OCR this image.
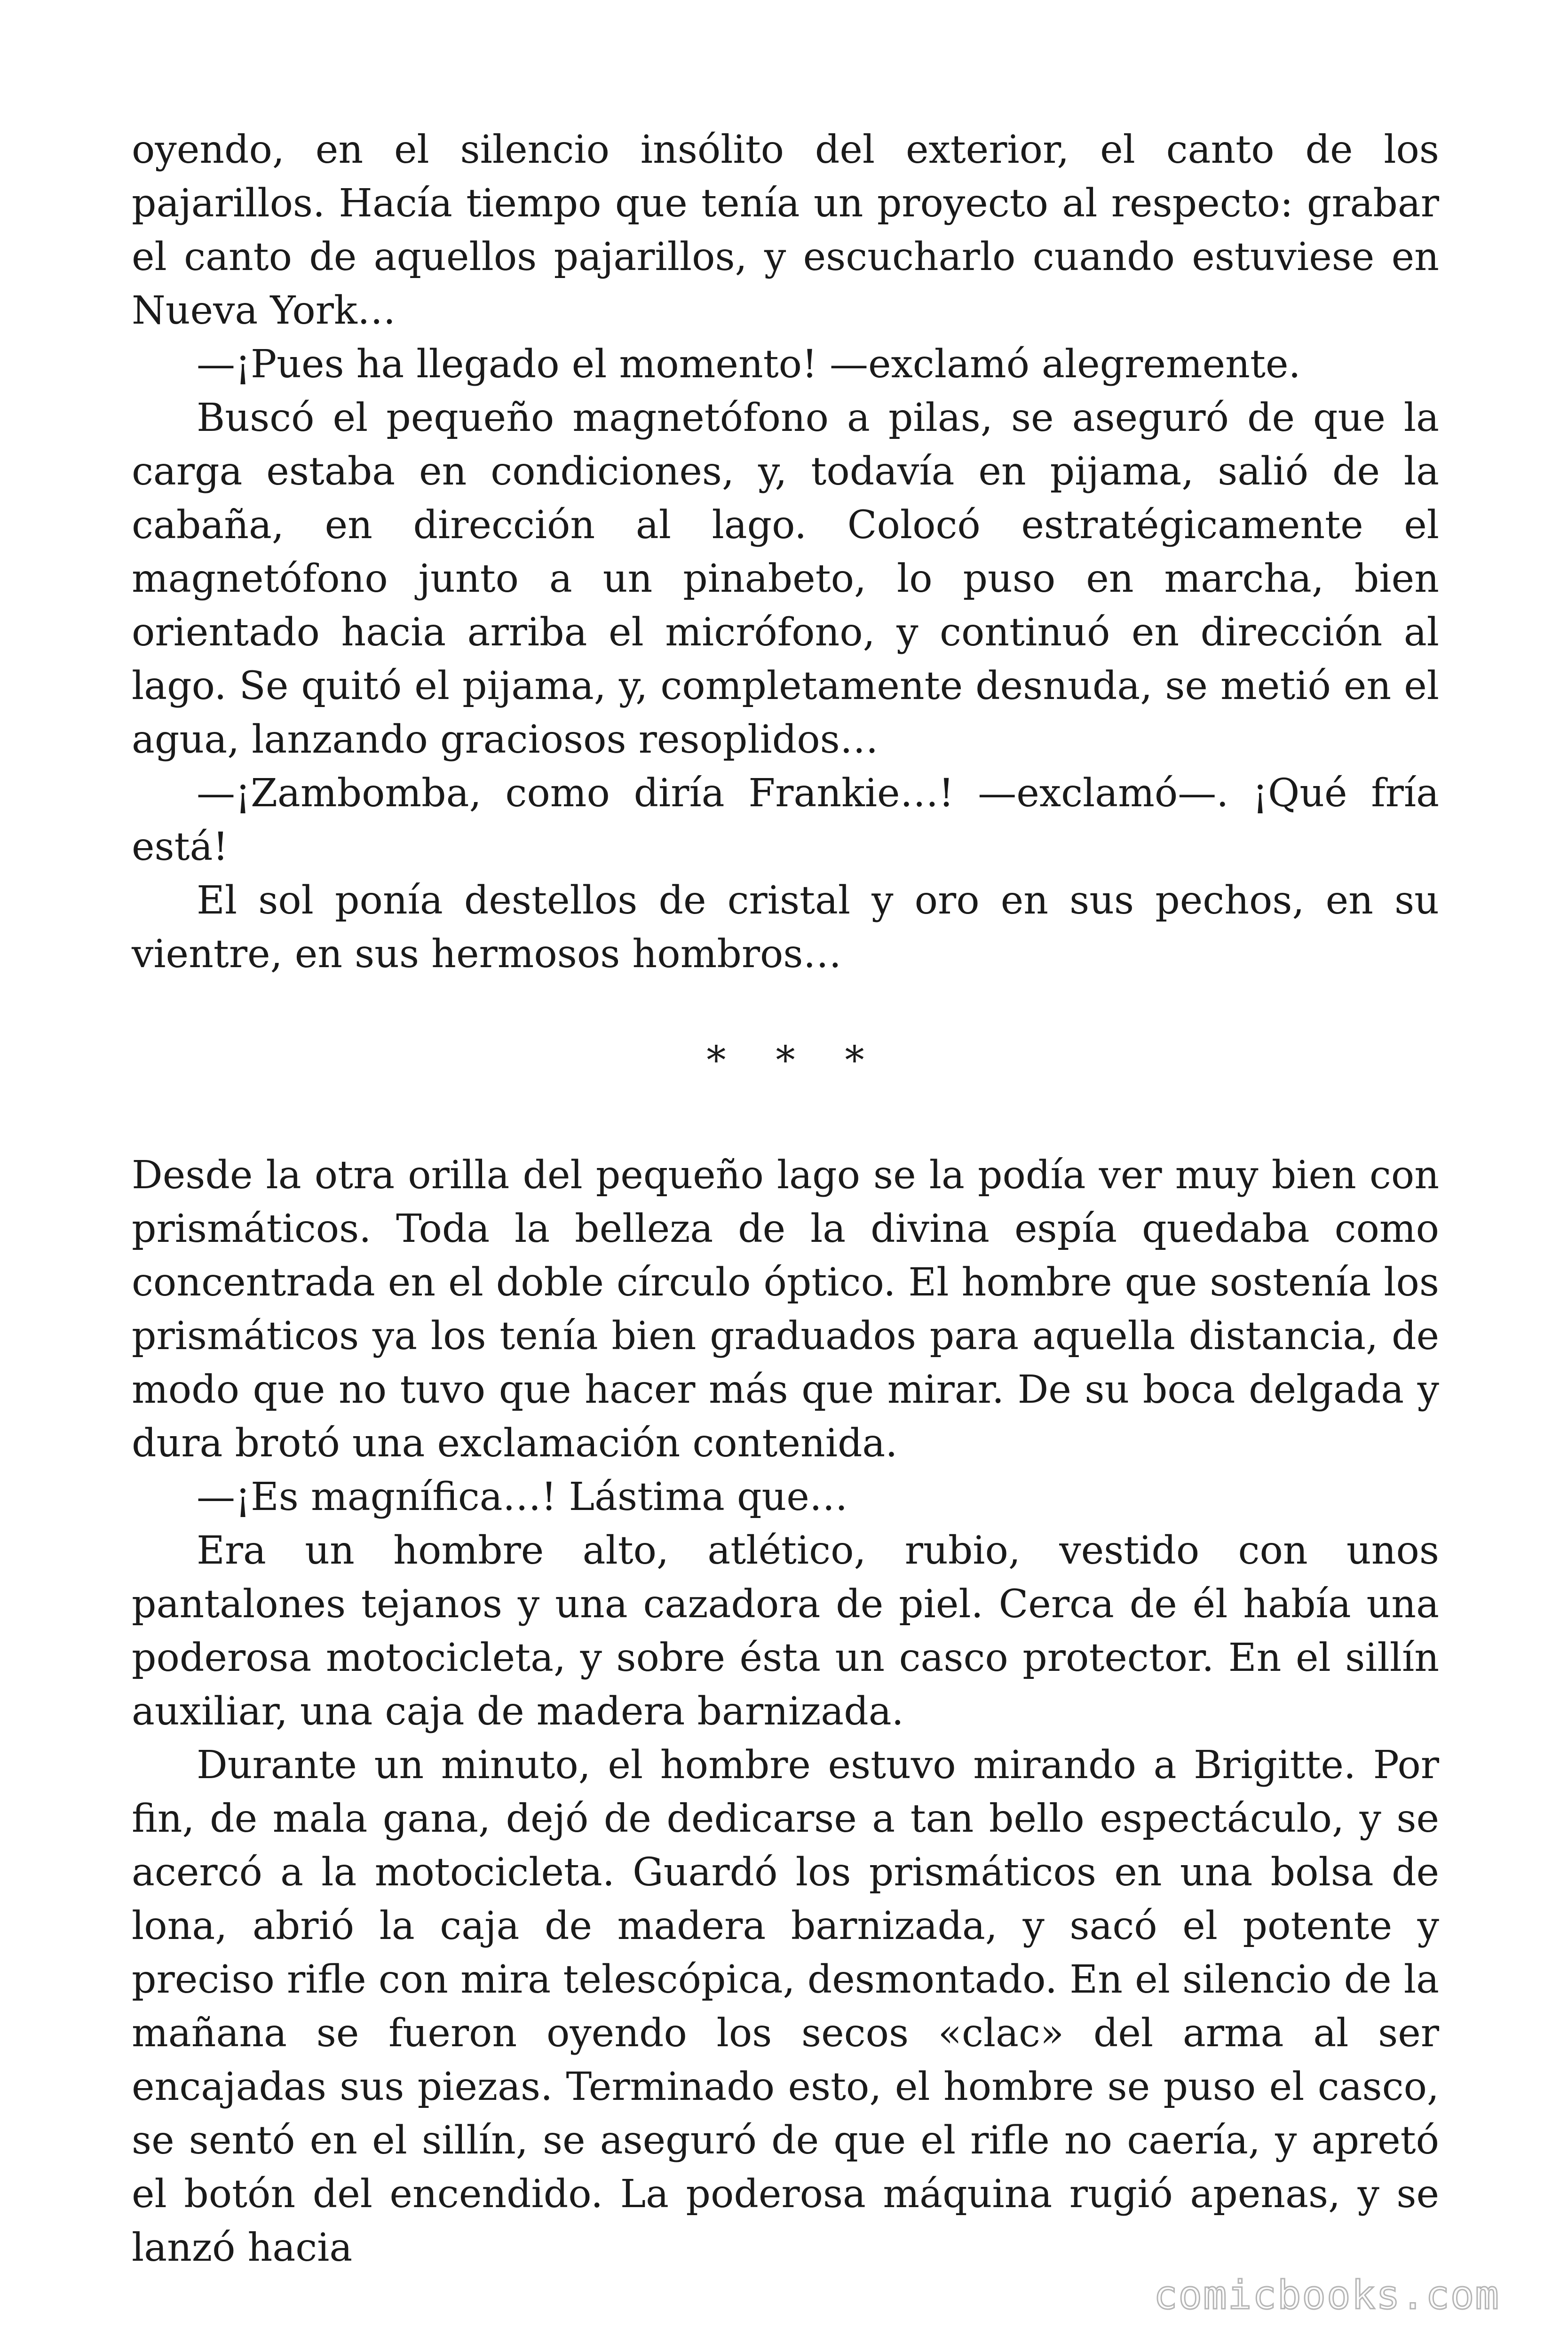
oyendo, en el silencio insólito del exterior, el canto de los pajarillos. Hacía tiempo que tenía un proyecto al respecto: grabar el canto de aquellos pajarillos, y escucharlo cuando estuviese en Nueva York…

—¡Pues ha llegado el momento! —exclamó alegremente.

Buscó el pequeño magnetófono a pilas, se aseguró de que la carga estaba en condiciones, y, todavía en pijama, salió de la cabaña, en dirección al lago. Colocó estratégicamente el magnetófono junto a un pinabeto, lo puso en marcha, bien orientado hacia arriba el micrófono, y continuó en dirección al lago. Se quitó el pijama, y, completamente desnuda, se metió en el agua, lanzando graciosos resoplidos…

—¡Zambomba, como diría Frankie…! —exclamó—. ¡Qué fría está!

El sol ponía destellos de cristal y oro en sus pechos, en su vientre, en sus hermosos hombros…

* * *

Desde la otra orilla del pequeño lago se la podía ver muy bien con prismáticos. Toda la belleza de la divina espía quedaba como concentrada en el doble círculo óptico. El hombre que sostenía los prismáticos ya los tenía bien graduados para aquella distancia, de modo que no tuvo que hacer más que mirar. De su boca delgada y dura brotó una exclamación contenida.

—¡Es magnífica…! Lástima que…

Era un hombre alto, atlético, rubio, vestido con unos pantalones tejanos y una cazadora de piel. Cerca de él había una poderosa motocicleta, y sobre ésta un casco protector. En el sillín auxiliar, una caja de madera barnizada.

Durante un minuto, el hombre estuvo mirando a Brigitte. Por fin, de mala gana, dejó de dedicarse a tan bello espectáculo, y se acercó a la motocicleta. Guardó los prismáticos en una bolsa de lona, abrió la caja de madera barnizada, y sacó el potente y preciso rifle con mira telescópica, desmontado. En el silencio de la mañana se fueron oyendo los secos «clac» del arma al ser encajadas sus piezas. Terminado esto, el hombre se puso el casco, se sentó en el sillín, se aseguró de que el rifle no caería, y apretó el botón del encendido. La poderosa máquina rugió apenas, y se lanzó hacia

comicbooks.com
